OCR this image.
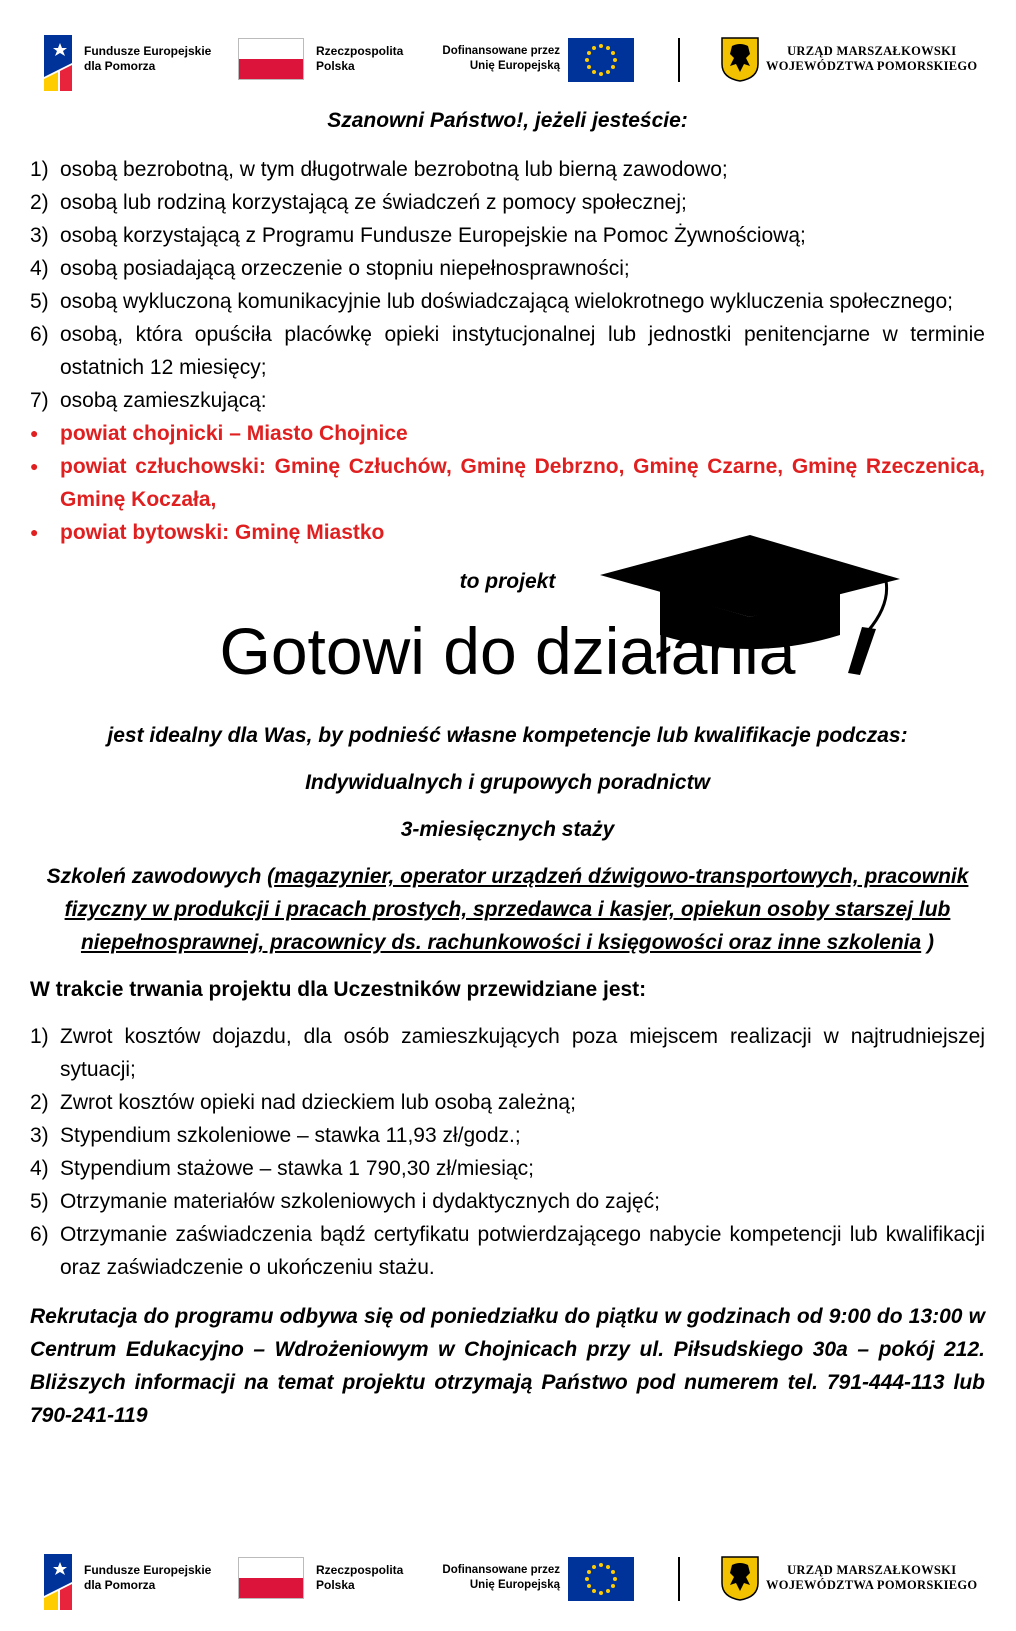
Fundusze Europejskie
dla Pomorza
Rzeczpospolita
Polska
Dofinansowane przez
Unię Europejską
URZĄD MARSZAŁKOWSKI
WOJEWÓDZTWA POMORSKIEGO
Szanowni Państwo!, jeżeli jesteście:
1) osobą bezrobotną, w tym długotrwale bezrobotną lub bierną zawodowo;
2) osobą lub rodziną korzystającą ze świadczeń z pomocy społecznej;
3) osobą korzystającą z Programu Fundusze Europejskie na Pomoc Żywnościową;
4) osobą posiadającą orzeczenie o stopniu niepełnosprawności;
5) osobą wykluczoną komunikacyjnie lub doświadczającą wielokrotnego wykluczenia społecznego;
6) osobą, która opuściła placówkę opieki instytucjonalnej lub jednostki penitencjarne w terminie ostatnich 12 miesięcy;
7) osobą zamieszkującą:
●	powiat chojnicki – Miasto Chojnice
●	powiat człuchowski: Gminę Człuchów, Gminę Debrzno, Gminę Czarne, Gminę Rzeczenica, Gminę Koczała,
●	powiat bytowski: Gminę Miastko
to projekt
Gotowi do działania
jest idealny dla Was, by podnieść własne kompetencje lub kwalifikacje podczas:
Indywidualnych i grupowych poradnictw
3-miesięcznych staży
Szkoleń zawodowych (magazynier, operator urządzeń dźwigowo-transportowych, pracownik fizyczny w produkcji i pracach prostych, sprzedawca i kasjer, opiekun osoby starszej lub niepełnosprawnej, pracownicy ds. rachunkowości i księgowości oraz inne szkolenia )
W trakcie trwania projektu dla Uczestników przewidziane jest:
1) Zwrot kosztów dojazdu, dla osób zamieszkujących poza miejscem realizacji w najtrudniejszej sytuacji;
2) Zwrot kosztów opieki nad dzieckiem lub osobą zależną;
3) Stypendium szkoleniowe – stawka 11,93 zł/godz.;
4) Stypendium stażowe – stawka 1 790,30 zł/miesiąc;
5) Otrzymanie materiałów szkoleniowych i dydaktycznych do zajęć;
6) Otrzymanie zaświadczenia bądź certyfikatu potwierdzającego nabycie kompetencji lub kwalifikacji oraz zaświadczenie o ukończeniu stażu.
Rekrutacja do programu odbywa się od poniedziałku do piątku w godzinach od 9:00 do 13:00 w Centrum Edukacyjno – Wdrożeniowym w Chojnicach przy ul. Piłsudskiego 30a – pokój 212. Bliższych informacji na temat projektu otrzymają Państwo pod numerem tel. 791-444-113 lub 790-241-119
Fundusze Europejskie
dla Pomorza
Rzeczpospolita
Polska
Dofinansowane przez
Unię Europejską
URZĄD MARSZAŁKOWSKI
WOJEWÓDZTWA POMORSKIEGO
